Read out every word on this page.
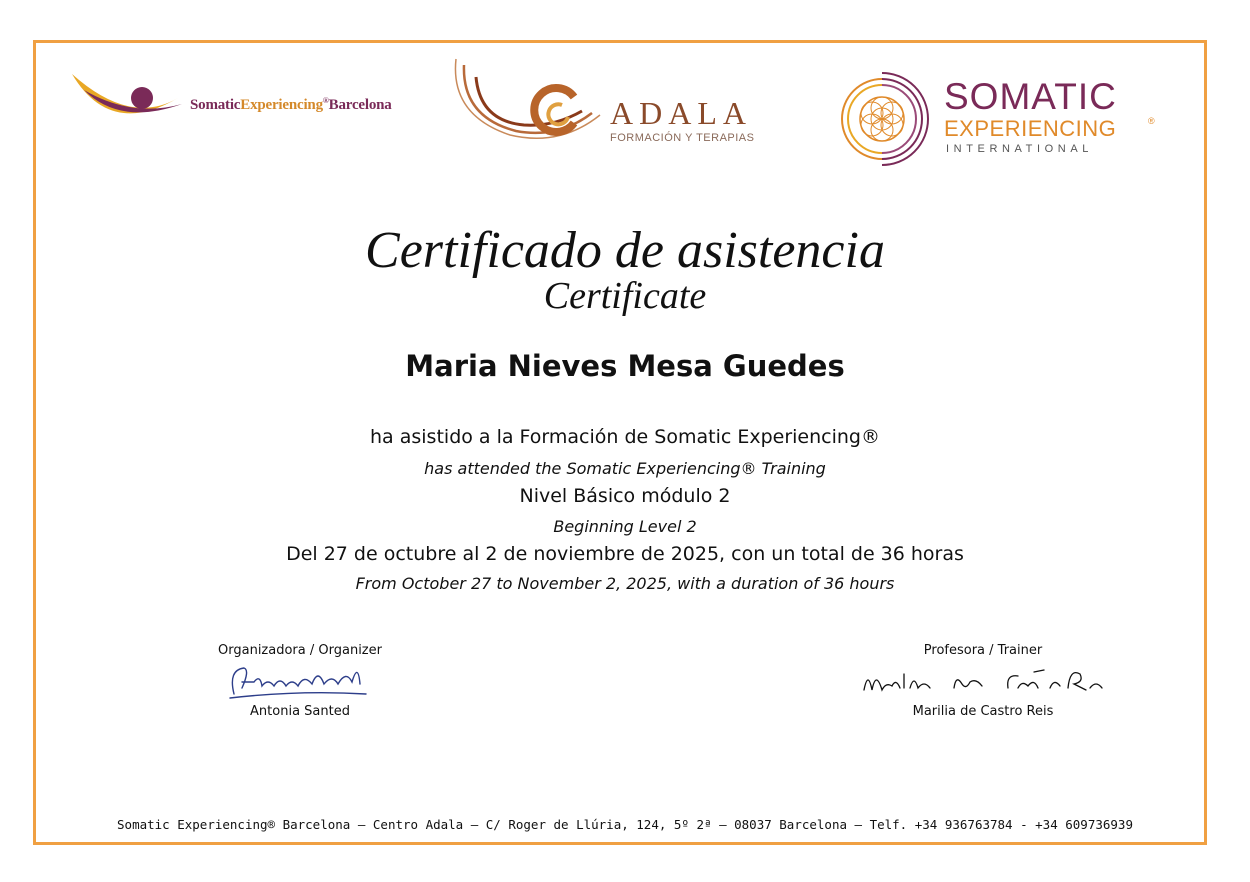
SomaticExperiencing®Barcelona	ADALA
FORMACIÓN Y TERAPIAS
SOMATIC
EXPERIENCING	®
INTERNATIONAL
Certificado de asistencia
Certificate
Maria Nieves Mesa Guedes
ha asistido a la Formación de Somatic Experiencing®
has attended the Somatic Experiencing® Training
Nivel Básico módulo 2
Beginning Level 2
Del 27 de octubre al 2 de noviembre de 2025, con un total de 36 horas
From October 27 to November 2, 2025, with a duration of 36 hours
Organizadora / Organizer
Antonia Santed
Profesora / Trainer
Marilia de Castro Reis
Somatic Experiencing® Barcelona – Centro Adala – C/ Roger de Llúria, 124, 5º 2ª – 08037 Barcelona – Telf. +34 936763784 - +34 609736939
